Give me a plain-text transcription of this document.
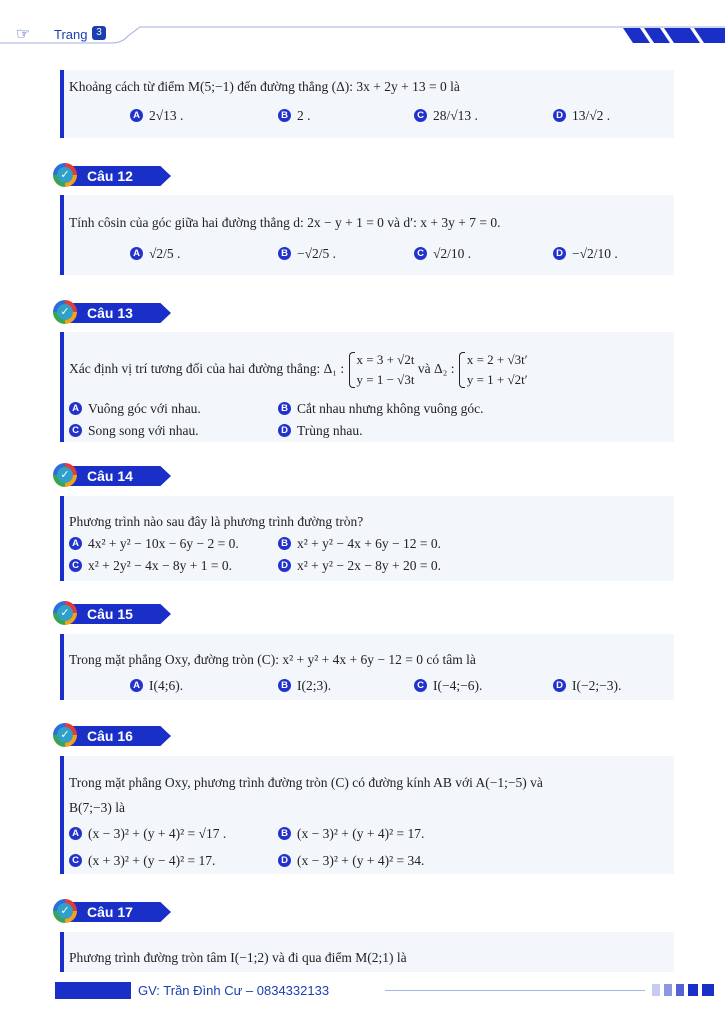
☞ Trang 3
Khoảng cách từ điểm M(5;−1) đến đường thẳng (Δ): 3x + 2y + 13 = 0 là
A 2√13 .	B 2 .	C 28/√13 .	D 13/√2 .
✓ Câu 12
Tính côsin của góc giữa hai đường thẳng d: 2x − y + 1 = 0 và d′: x + 3y + 7 = 0.
A √2/5 .	B −√2/5 .	C √2/10 .	D −√2/10 .
✓ Câu 13
Xác định vị trí tương đối của hai đường thẳng: Δ₁ :
x = 3 + √2t
y = 1 − √3t
và Δ₂ :
x = 2 + √3t′
y = 1 + √2t′
A Vuông góc với nhau.	B Cắt nhau nhưng không vuông góc.
C Song song với nhau.	D Trùng nhau.
✓ Câu 14
Phương trình nào sau đây là phương trình đường tròn?
A 4x² + y² − 10x − 6y − 2 = 0.	B x² + y² − 4x + 6y − 12 = 0.
C x² + 2y² − 4x − 8y + 1 = 0.	D x² + y² − 2x − 8y + 20 = 0.
✓ Câu 15
Trong mặt phẳng Oxy, đường tròn (C): x² + y² + 4x + 6y − 12 = 0 có tâm là
A I(4;6).	B I(2;3).	C I(−4;−6).	D I(−2;−3).
✓ Câu 16
Trong mặt phẳng Oxy, phương trình đường tròn (C) có đường kính AB với A(−1;−5) và
B(7;−3) là
A (x − 3)² + (y + 4)² = √17 .	B (x − 3)² + (y + 4)² = 17.
C (x + 3)² + (y − 4)² = 17.	D (x − 3)² + (y + 4)² = 34.
✓ Câu 17
Phương trình đường tròn tâm I(−1;2) và đi qua điểm M(2;1) là
GV: Trần Đình Cư – 0834332133
